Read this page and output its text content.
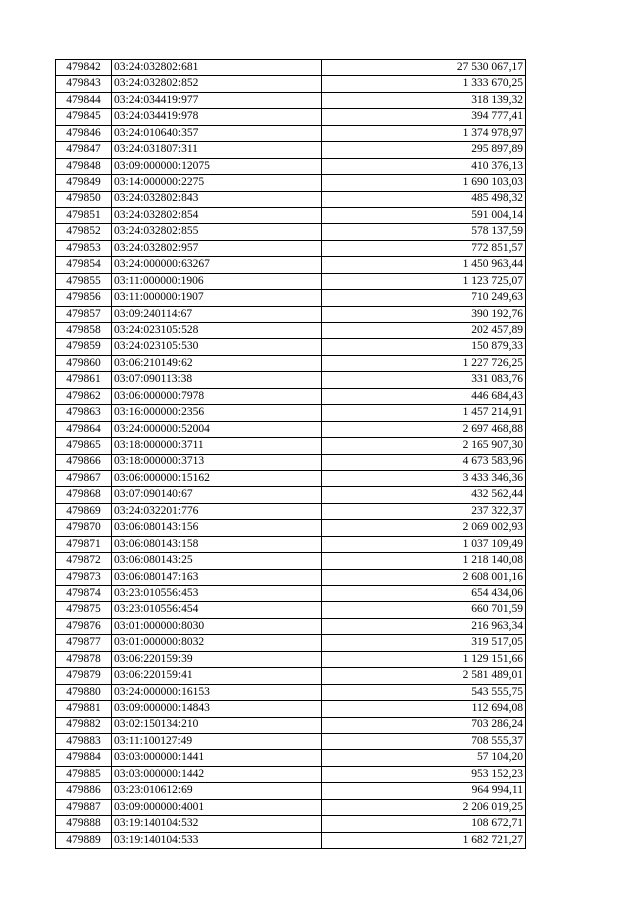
479842	03:24:032802:681	27 530 067,17
479843	03:24:032802:852	1 333 670,25
479844	03:24:034419:977	318 139,32
479845	03:24:034419:978	394 777,41
479846	03:24:010640:357	1 374 978,97
479847	03:24:031807:311	295 897,89
479848	03:09:000000:12075	410 376,13
479849	03:14:000000:2275	1 690 103,03
479850	03:24:032802:843	485 498,32
479851	03:24:032802:854	591 004,14
479852	03:24:032802:855	578 137,59
479853	03:24:032802:957	772 851,57
479854	03:24:000000:63267	1 450 963,44
479855	03:11:000000:1906	1 123 725,07
479856	03:11:000000:1907	710 249,63
479857	03:09:240114:67	390 192,76
479858	03:24:023105:528	202 457,89
479859	03:24:023105:530	150 879,33
479860	03:06:210149:62	1 227 726,25
479861	03:07:090113:38	331 083,76
479862	03:06:000000:7978	446 684,43
479863	03:16:000000:2356	1 457 214,91
479864	03:24:000000:52004	2 697 468,88
479865	03:18:000000:3711	2 165 907,30
479866	03:18:000000:3713	4 673 583,96
479867	03:06:000000:15162	3 433 346,36
479868	03:07:090140:67	432 562,44
479869	03:24:032201:776	237 322,37
479870	03:06:080143:156	2 069 002,93
479871	03:06:080143:158	1 037 109,49
479872	03:06:080143:25	1 218 140,08
479873	03:06:080147:163	2 608 001,16
479874	03:23:010556:453	654 434,06
479875	03:23:010556:454	660 701,59
479876	03:01:000000:8030	216 963,34
479877	03:01:000000:8032	319 517,05
479878	03:06:220159:39	1 129 151,66
479879	03:06:220159:41	2 581 489,01
479880	03:24:000000:16153	543 555,75
479881	03:09:000000:14843	112 694,08
479882	03:02:150134:210	703 286,24
479883	03:11:100127:49	708 555,37
479884	03:03:000000:1441	57 104,20
479885	03:03:000000:1442	953 152,23
479886	03:23:010612:69	964 994,11
479887	03:09:000000:4001	2 206 019,25
479888	03:19:140104:532	108 672,71
479889	03:19:140104:533	1 682 721,27
